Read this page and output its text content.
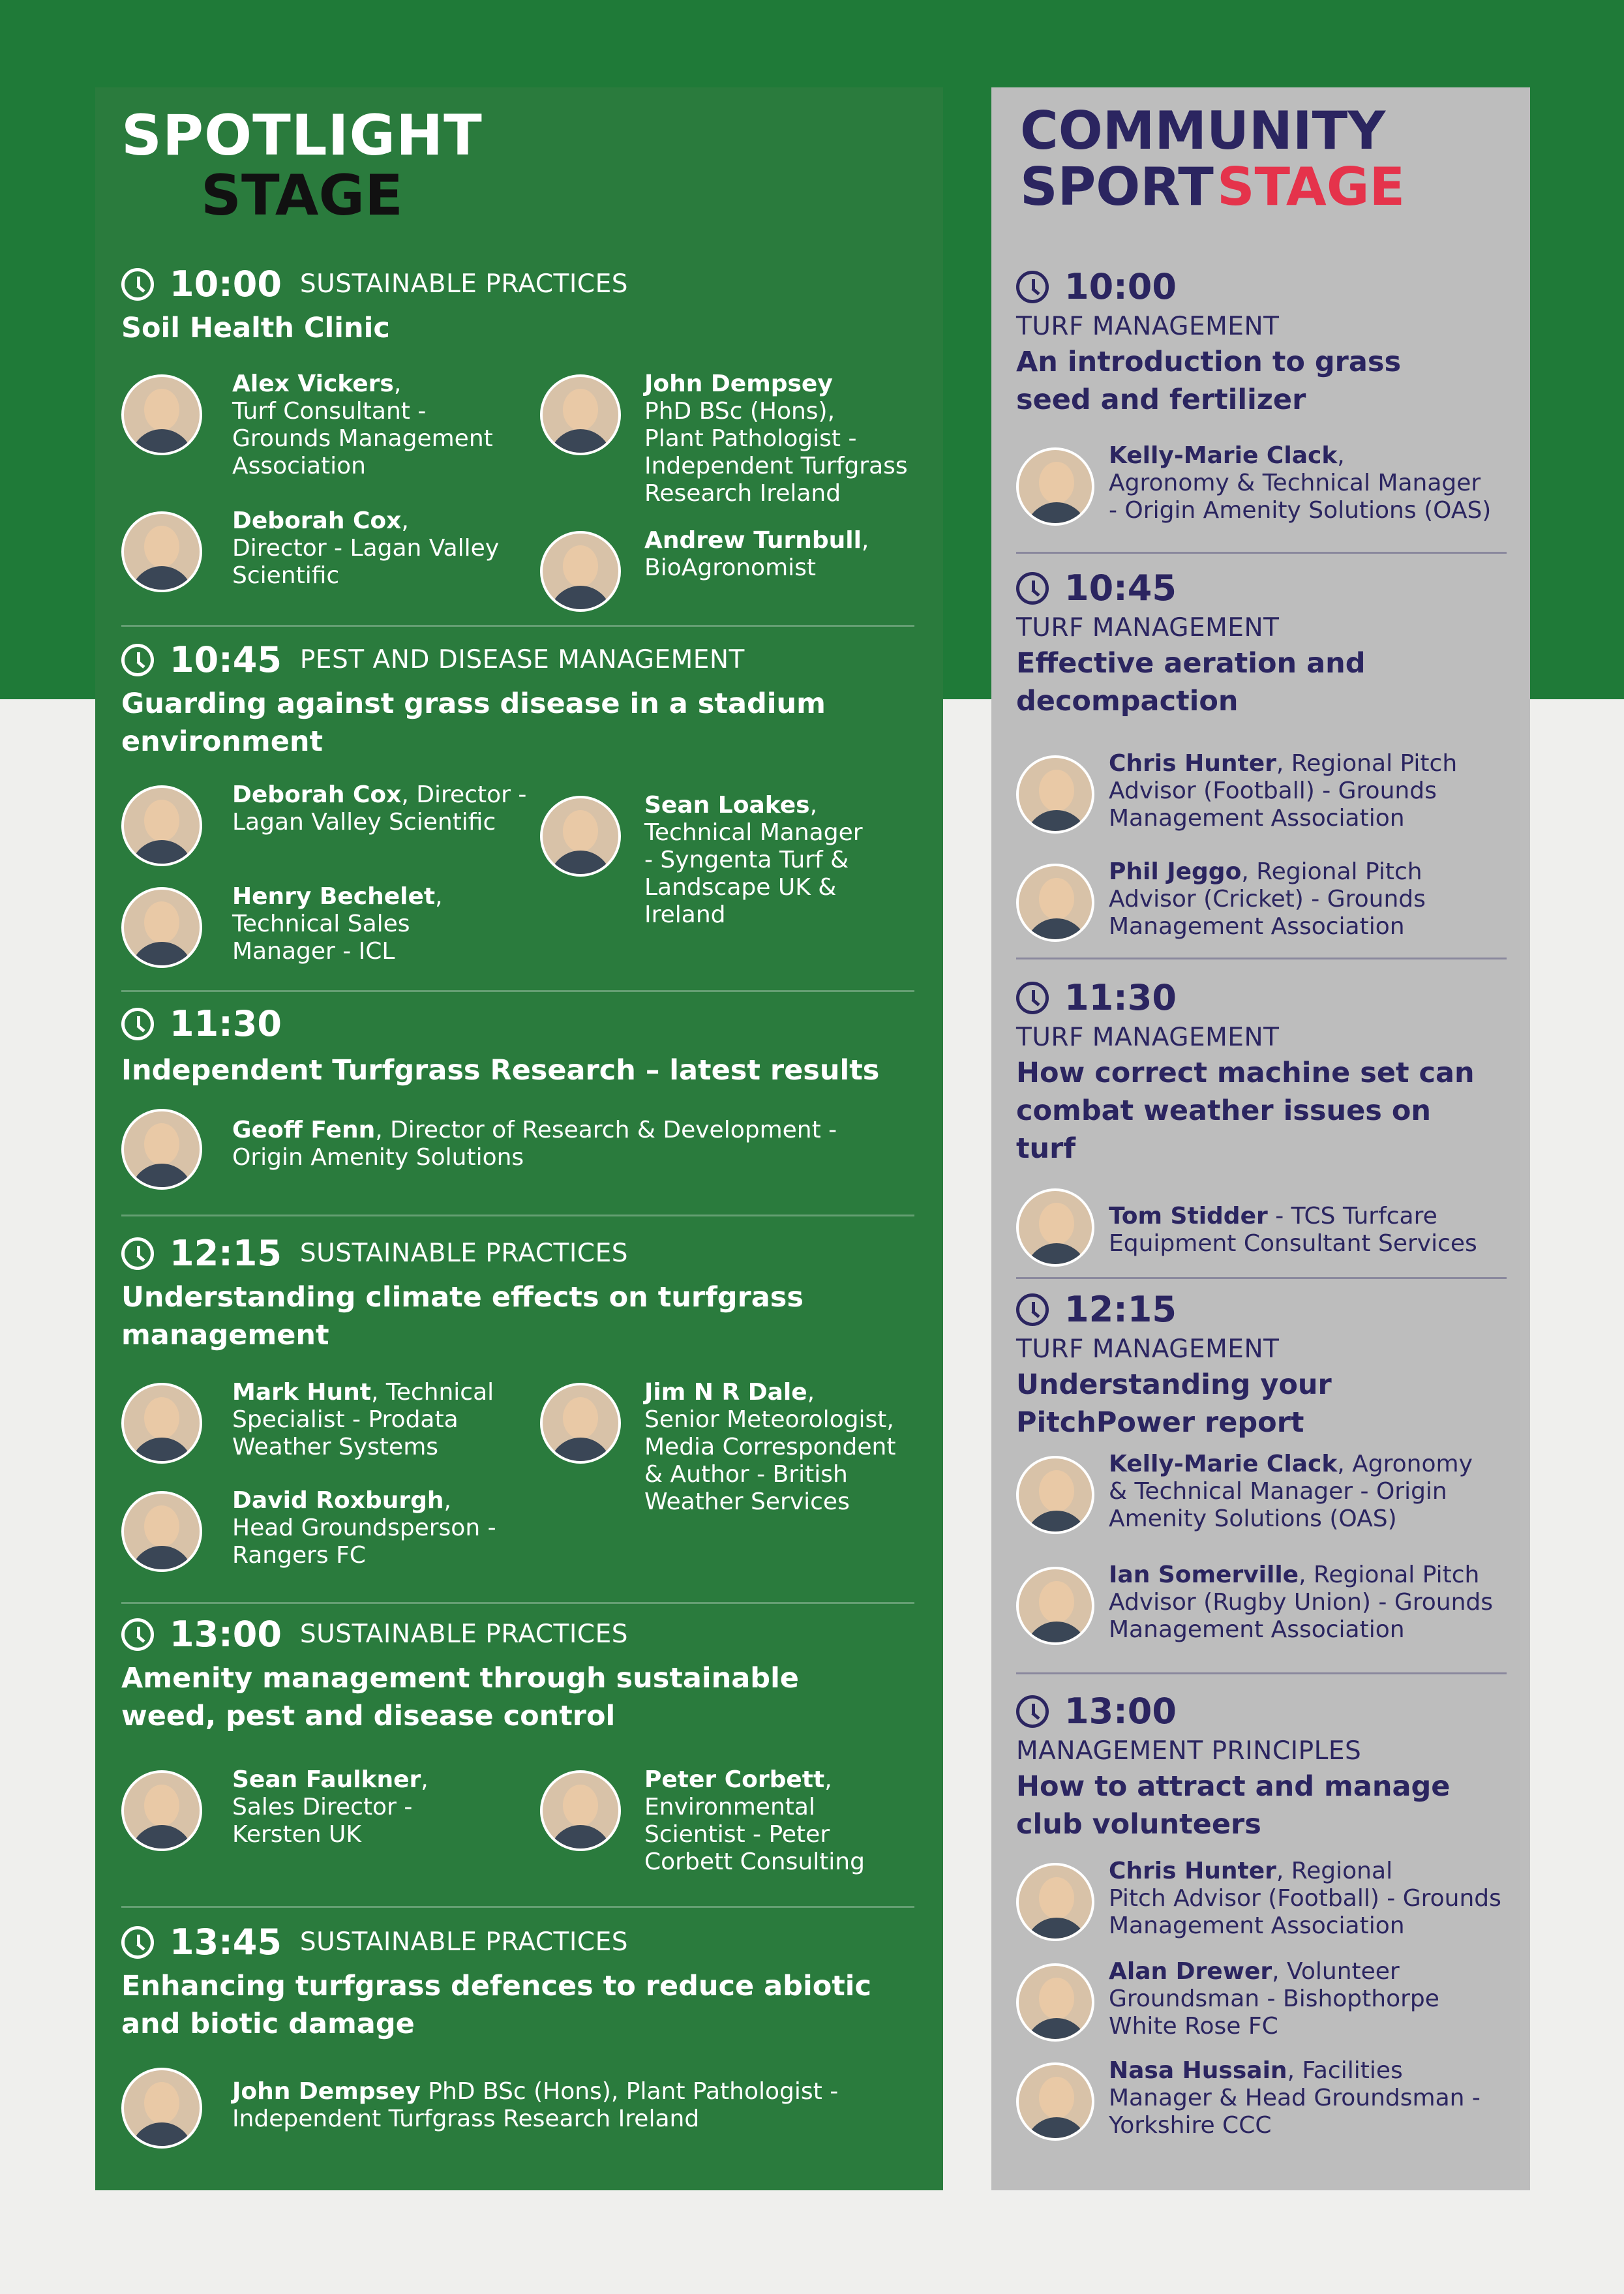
SPOTLIGHT
STAGE
10:00 SUSTAINABLE PRACTICES
Soil Health Clinic
Alex Vickers,
Turf Consultant -
Grounds Management
Association
John Dempsey
PhD BSc (Hons),
Plant Pathologist -
Independent Turfgrass
Research Ireland
Deborah Cox,
Director - Lagan Valley
Scientific
Andrew Turnbull,
BioAgronomist
10:45 PEST AND DISEASE MANAGEMENT
Guarding against grass disease in a stadium
environment
Deborah Cox, Director -
Lagan Valley Scientific
Sean Loakes,
Technical Manager
- Syngenta Turf &
Landscape UK &
Ireland
Henry Bechelet,
Technical Sales
Manager - ICL
11:30
Independent Turfgrass Research – latest results
Geoff Fenn, Director of Research & Development -
Origin Amenity Solutions
12:15 SUSTAINABLE PRACTICES
Understanding climate effects on turfgrass
management
Mark Hunt, Technical
Specialist - Prodata
Weather Systems
Jim N R Dale,
Senior Meteorologist,
Media Correspondent
& Author - British
Weather Services
David Roxburgh,
Head Groundsperson -
Rangers FC
13:00 SUSTAINABLE PRACTICES
Amenity management through sustainable
weed, pest and disease control
Sean Faulkner,
Sales Director -
Kersten UK
Peter Corbett,
Environmental
Scientist - Peter
Corbett Consulting
13:45 SUSTAINABLE PRACTICES
Enhancing turfgrass defences to reduce abiotic
and biotic damage
John Dempsey PhD BSc (Hons), Plant Pathologist -
Independent Turfgrass Research Ireland
COMMUNITY
SPORT STAGE
10:00
TURF MANAGEMENT
An introduction to grass
seed and fertilizer
Kelly-Marie Clack,
Agronomy & Technical Manager
- Origin Amenity Solutions (OAS)
10:45
TURF MANAGEMENT
Effective aeration and
decompaction
Chris Hunter, Regional Pitch
Advisor (Football) - Grounds
Management Association
Phil Jeggo, Regional Pitch
Advisor (Cricket) - Grounds
Management Association
11:30
TURF MANAGEMENT
How correct machine set can
combat weather issues on
turf
Tom Stidder - TCS Turfcare
Equipment Consultant Services
12:15
TURF MANAGEMENT
Understanding your
PitchPower report
Kelly-Marie Clack, Agronomy
& Technical Manager - Origin
Amenity Solutions (OAS)
Ian Somerville, Regional Pitch
Advisor (Rugby Union) - Grounds
Management Association
13:00
MANAGEMENT PRINCIPLES
How to attract and manage
club volunteers
Chris Hunter, Regional
Pitch Advisor (Football) - Grounds
Management Association
Alan Drewer, Volunteer
Groundsman - Bishopthorpe
White Rose FC
Nasa Hussain, Facilities
Manager & Head Groundsman -
Yorkshire CCC
